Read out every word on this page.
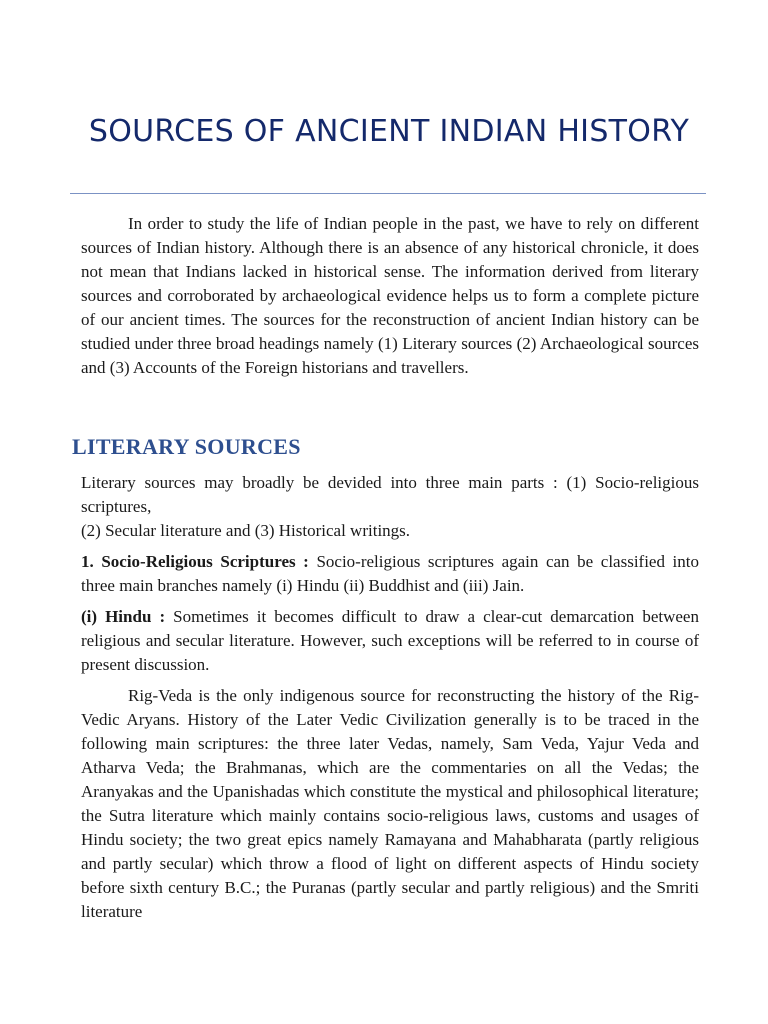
SOURCES OF ANCIENT INDIAN HISTORY

In order to study the life of Indian people in the past, we have to rely on different sources of Indian history. Although there is an absence of any historical chronicle, it does not mean that Indians lacked in historical sense. The information derived from literary sources and corroborated by archaeological evidence helps us to form a complete picture of our ancient times. The sources for the reconstruction of ancient Indian history can be studied under three broad headings namely (1) Literary sources (2) Archaeological sources and (3) Accounts of the Foreign historians and travellers.

LITERARY SOURCES

Literary sources may broadly be devided into three main parts : (1) Socio-religious scriptures,

(2) Secular literature and (3) Historical writings.

1. Socio-Religious Scriptures : Socio-religious scriptures again can be classified into three main branches namely (i) Hindu (ii) Buddhist and (iii) Jain.

(i) Hindu : Sometimes it becomes difficult to draw a clear-cut demarcation between religious and secular literature. However, such exceptions will be referred to in course of present discussion.

Rig-Veda is the only indigenous source for reconstructing the history of the Rig-Vedic Aryans. History of the Later Vedic Civilization generally is to be traced in the following main scriptures: the three later Vedas, namely, Sam Veda, Yajur Veda and Atharva Veda; the Brahmanas, which are the commentaries on all the Vedas; the Aranyakas and the Upanishadas which constitute the mystical and philosophical literature; the Sutra literature which mainly contains socio-religious laws, customs and usages of Hindu society; the two great epics namely Ramayana and Mahabharata (partly religious and partly secular) which throw a flood of light on different aspects of Hindu society before sixth century B.C.; the Puranas (partly secular and partly religious) and the Smriti literature
